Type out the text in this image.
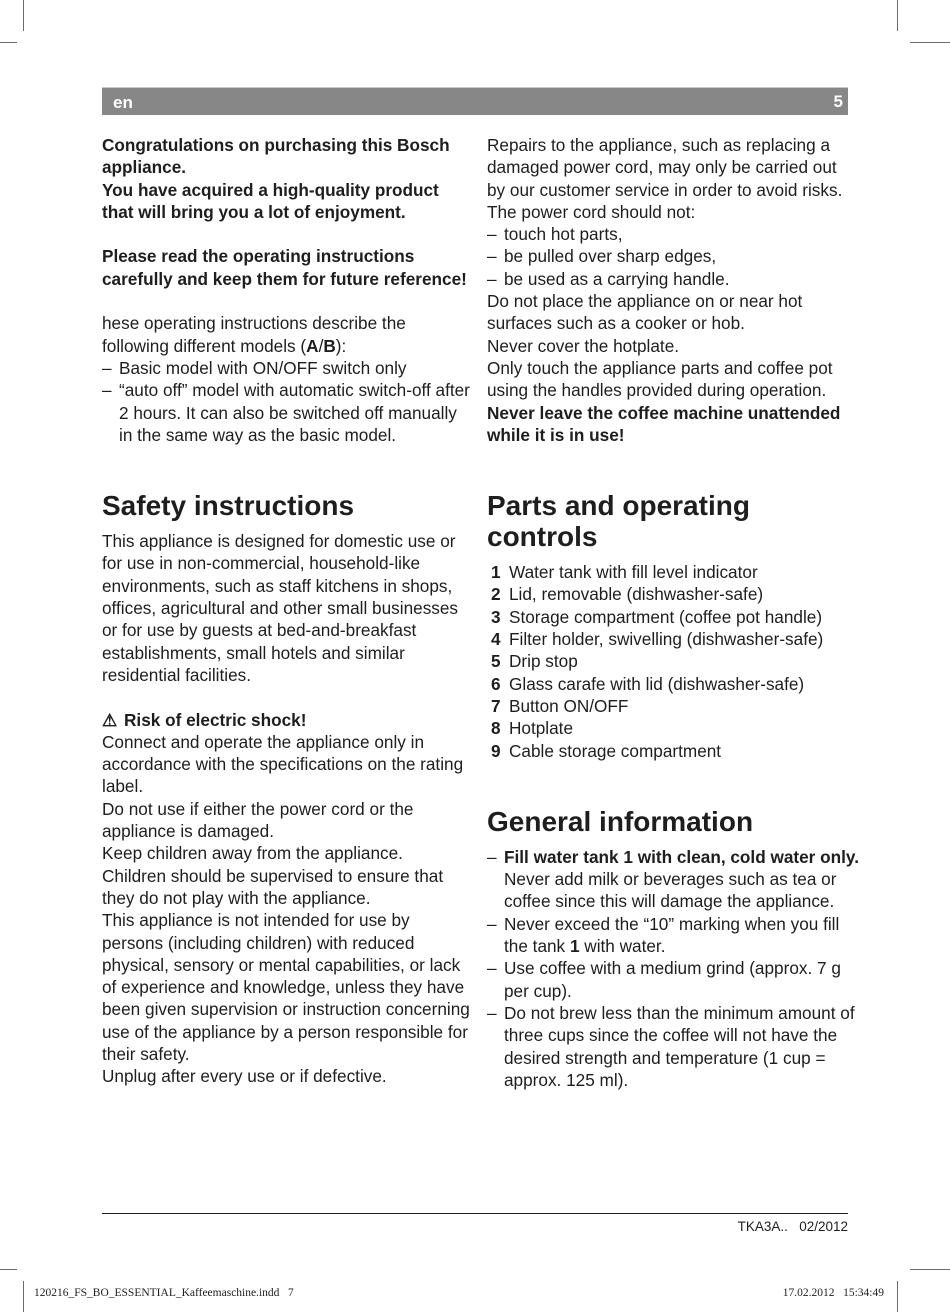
en	5

Congratulations on purchasing this Bosch appliance.

You have acquired a high-quality product that will bring you a lot of enjoyment.

Please read the operating instructions carefully and keep them for future reference!

hese operating instructions describe the following different models (A/B):

– Basic model with ON/OFF switch only
– “auto off” model with automatic switch-off after 2 hours. It can also be switched off manually in the same way as the basic model.
Safety instructions

This appliance is designed for domestic use or for use in non-commercial, household-like environments, such as staff kitchens in shops, offices, agricultural and other small businesses or for use by guests at bed-and-breakfast establishments, small hotels and similar residential facilities.

⚠ Risk of electric shock!

Connect and operate the appliance only in accordance with the specifications on the rating label.

Do not use if either the power cord or the appliance is damaged.

Keep children away from the appliance.

Children should be supervised to ensure that they do not play with the appliance.

This appliance is not intended for use by persons (including children) with reduced physical, sensory or mental capabilities, or lack of experience and knowledge, unless they have been given supervision or instruction concerning use of the appliance by a person responsible for their safety.

Unplug after every use or if defective.

Repairs to the appliance, such as replacing a damaged power cord, may only be carried out by our customer service in order to avoid risks.

The power cord should not:

– touch hot parts,
– be pulled over sharp edges,
– be used as a carrying handle.

Do not place the appliance on or near hot surfaces such as a cooker or hob.

Never cover the hotplate.

Only touch the appliance parts and coffee pot using the handles provided during operation.

Never leave the coffee machine unattended while it is in use!

Parts and operating controls
1 Water tank with fill level indicator
2 Lid, removable (dishwasher-safe)
3 Storage compartment (coffee pot handle)
4 Filter holder, swivelling (dishwasher-safe)
5 Drip stop
6 Glass carafe with lid (dishwasher-safe)
7 Button ON/OFF
8 Hotplate
9 Cable storage compartment
General information
– Fill water tank 1 with clean, cold water only. Never add milk or beverages such as tea or coffee since this will damage the appliance.
– Never exceed the “10” marking when you fill the tank 1 with water.
– Use coffee with a medium grind (approx. 7 g per cup).
– Do not brew less than the minimum amount of three cups since the coffee will not have the desired strength and temperature (1 cup = approx. 125 ml).
TKA3A.. 02/2012
120216_FS_BO_ESSENTIAL_Kaffeemaschine.indd   7	17.02.2012   15:34:49
